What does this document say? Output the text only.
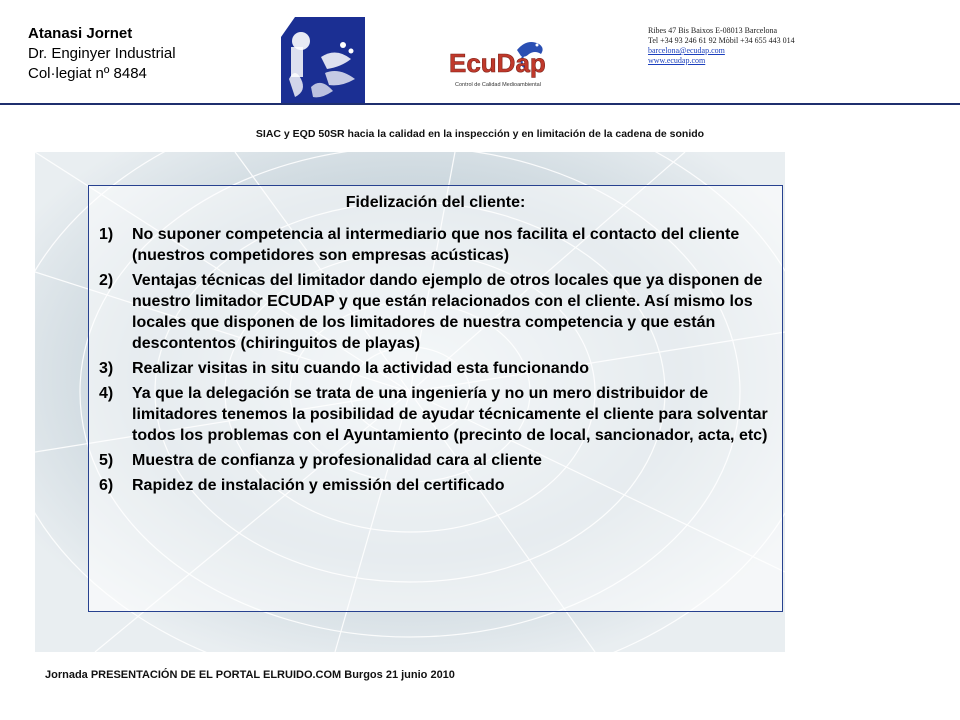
Atanasi Jornet
Dr. Enginyer Industrial
Col·legiat nº 8484	EcuDap
Control de Calidad Medioambiental
Ribes 47 Bis Baixos E-08013 Barcelona
Tel +34 93 246 61 92 Mòbil +34 655 443 014
barcelona@ecudap.com
www.ecudap.com
SIAC y EQD 50SR hacia la calidad en la inspección y en limitación de la cadena de sonido
Fidelización del cliente:
1) No suponer competencia al intermediario que nos facilita el contacto del cliente (nuestros competidores son empresas acústicas)
2) Ventajas técnicas del limitador dando ejemplo de otros locales que ya disponen de nuestro limitador ECUDAP y que están relacionados con el cliente. Así mismo los locales que disponen de los limitadores de nuestra competencia y que están descontentos (chiringuitos de playas)
3) Realizar visitas in situ cuando la actividad esta funcionando
4) Ya que la delegación se trata de una ingeniería y no un mero distribuidor de limitadores tenemos la posibilidad de ayudar técnicamente el cliente para solventar todos los problemas con el Ayuntamiento (precinto de local, sancionador, acta, etc)
5) Muestra de confianza y profesionalidad cara al cliente
6) Rapidez de instalación y emissión del certificado
Jornada PRESENTACIÓN DE EL PORTAL ELRUIDO.COM Burgos 21 junio 2010
